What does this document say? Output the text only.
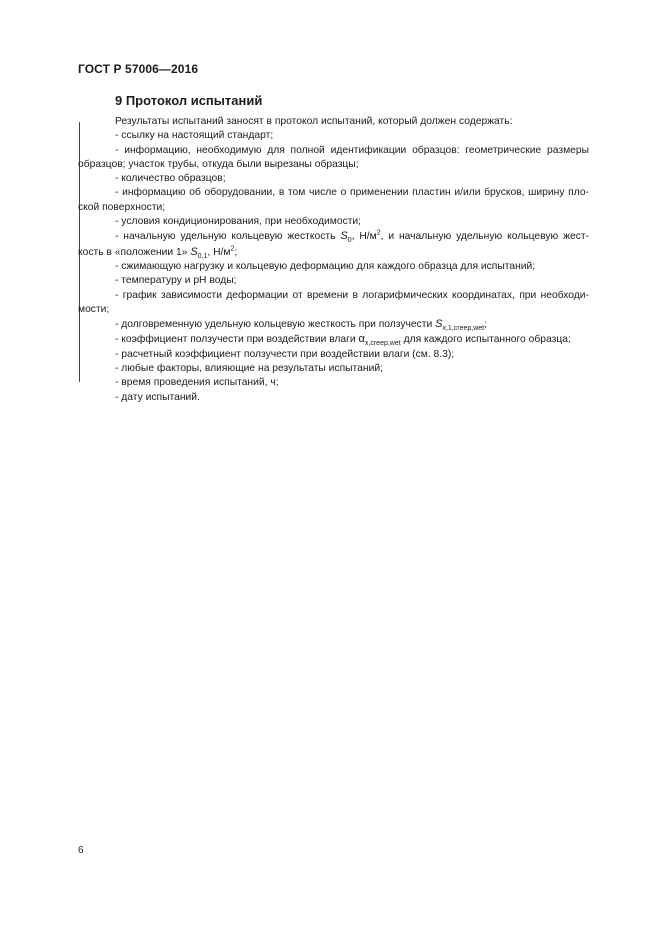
ГОСТ Р 57006—2016
9 Протокол испытаний
Результаты испытаний заносят в протокол испытаний, который должен содержать:
- ссылку на настоящий стандарт;
- информацию, необходимую для полной идентификации образцов: геометрические размеры
образцов; участок трубы, откуда были вырезаны образцы;
- количество образцов;
- информацию об оборудовании, в том числе о применении пластин и/или брусков, ширину пло-
ской поверхности;
- условия кондиционирования, при необходимости;
- начальную удельную кольцевую жесткость $S_0$, $Н/м^2$, и начальную удельную кольцевую жест-
кость в «положении 1» $S_{0,1}$, $Н/м^2$;
- сжимающую нагрузку и кольцевую деформацию для каждого образца для испытаний;
- температуру и pH воды;
- график зависимости деформации от времени в логарифмических координатах, при необходи-
мости;
- долговременную удельную кольцевую жесткость при ползучести $S_{x,1,creep,wet}$;
- коэффициент ползучести при воздействии влаги $\alpha_{x,creep,wet}$ для каждого испытанного образца;
- расчетный коэффициент ползучести при воздействии влаги (см. 8.3);
- любые факторы, влияющие на результаты испытаний;
- время проведения испытаний, ч;
- дату испытаний.
6
